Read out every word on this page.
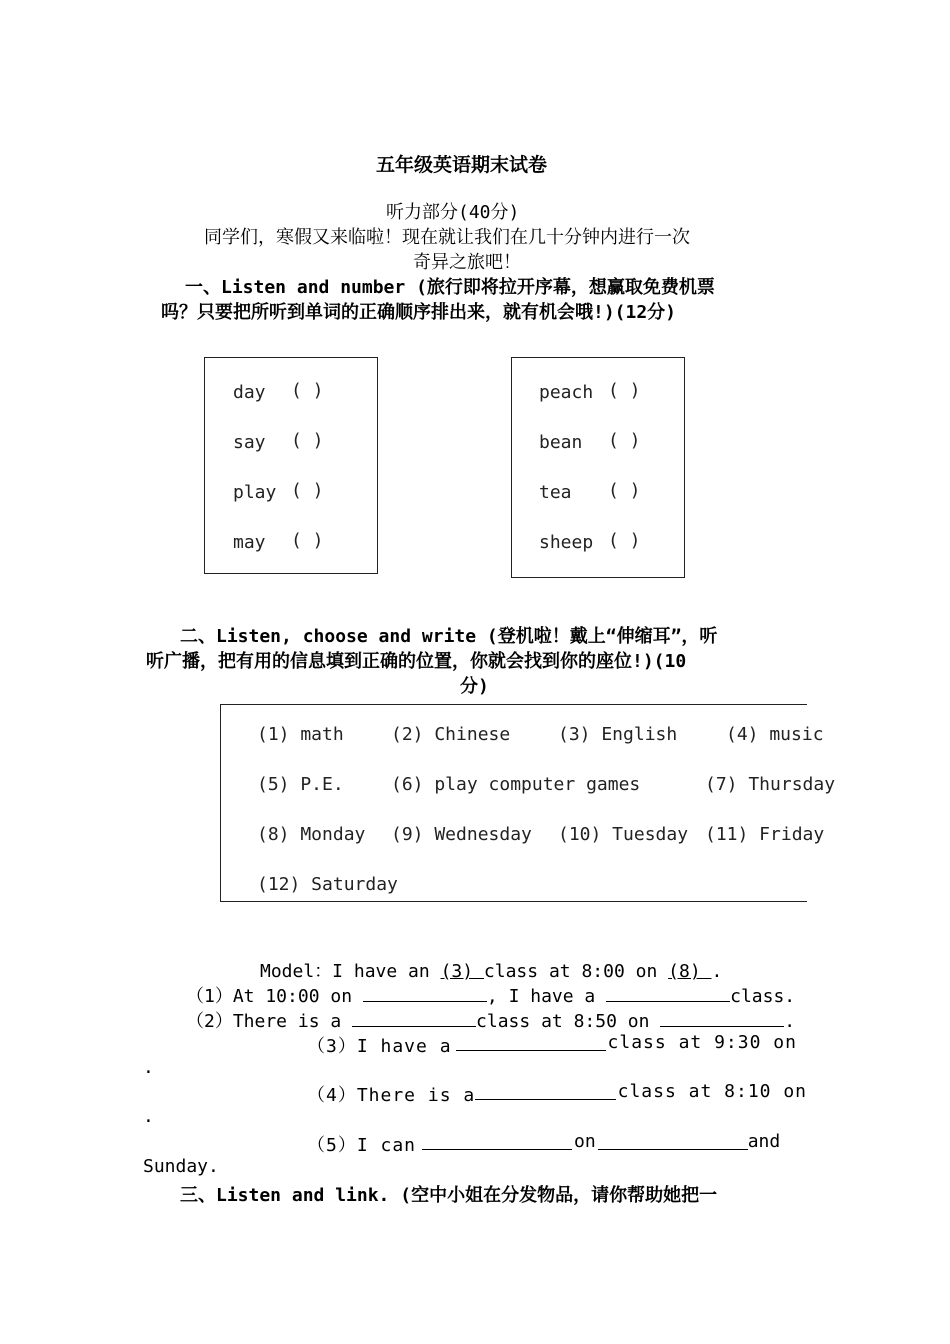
五年级英语期末试卷
听力部分(40分)
同学们，寒假又来临啦！现在就让我们在几十分钟内进行一次
奇异之旅吧！
一、Listen and number (旅行即将拉开序幕，想赢取免费机票
吗？只要把所听到单词的正确顺序排出来，就有机会哦!)(12分)
day ( )
say ( )
play ( )
may ( )
peach ( )
bean ( )
tea ( )
sheep ( )
二、Listen, choose and write (登机啦！戴上“伸缩耳”，听
听广播，把有用的信息填到正确的位置，你就会找到你的座位!)(10
分)
(1) math	(2) Chinese	(3) English	(4) music
(5) P.E.	(6) play computer games	(7) Thursday
(8) Monday (9) Wednesday (10) Tuesday (11) Friday
(12) Saturday
Model：I have an (3) class at 8:00 on (8) .
（1）At 10:00 on	, I have a	class.
（2）There is a	class at 8:50 on	.
（3）I have a	class at 9:30 on
.
（4）There is a	class at 8:10 on
.
（5）I can	on	and
Sunday.
三、Listen and link. (空中小姐在分发物品，请你帮助她把一
